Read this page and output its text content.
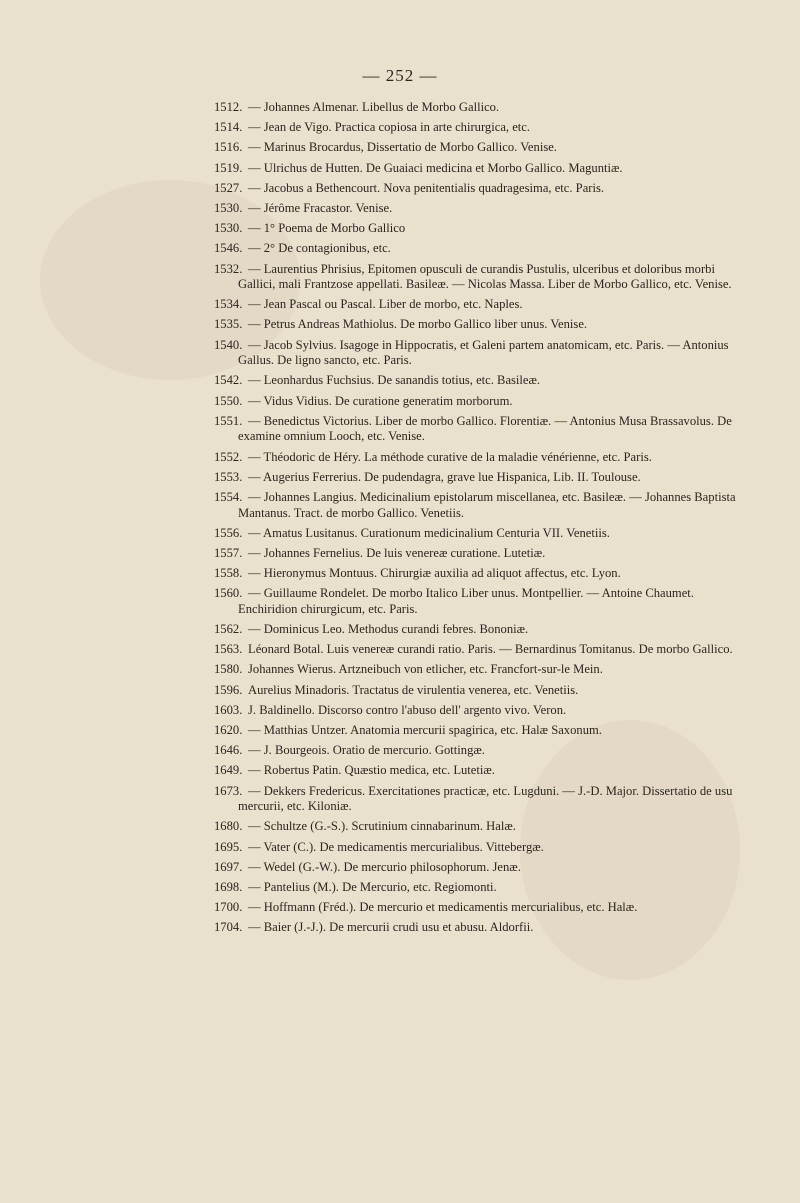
— 252 —
1512. — Johannes Almenar. Libellus de Morbo Gallico.
1514. — Jean de Vigo. Practica copiosa in arte chirurgica, etc.
1516. — Marinus Brocardus, Dissertatio de Morbo Gallico. Venise.
1519. — Ulrichus de Hutten. De Guaiaci medicina et Morbo Gallico. Maguntiæ.
1527. — Jacobus a Bethencourt. Nova penitentialis quadragesima, etc. Paris.
1530. — Jérôme Fracastor. Venise.
1530. — 1° Poema de Morbo Gallico
1546. — 2° De contagionibus, etc.
1532. — Laurentius Phrisius, Epitomen opusculi de curandis Pustulis, ulceribus et doloribus morbi Gallici, mali Frantzose appellati. Basileæ. — Nicolas Massa. Liber de Morbo Gallico, etc. Venise.
1534. — Jean Pascal ou Pascal. Liber de morbo, etc. Naples.
1535. — Petrus Andreas Mathiolus. De morbo Gallico liber unus. Venise.
1540. — Jacob Sylvius. Isagoge in Hippocratis, et Galeni partem anatomicam, etc. Paris. — Antonius Gallus. De ligno sancto, etc. Paris.
1542. — Leonhardus Fuchsius. De sanandis totius, etc. Basileæ.
1550. — Vidus Vidius. De curatione generatim morborum.
1551. — Benedictus Victorius. Liber de morbo Gallico. Florentiæ. — Antonius Musa Brassavolus. De examine omnium Looch, etc. Venise.
1552. — Théodoric de Héry. La méthode curative de la maladie vénérienne, etc. Paris.
1553. — Augerius Ferrerius. De pudendagra, grave lue Hispanica, Lib. II. Toulouse.
1554. — Johannes Langius. Medicinalium epistolarum miscellanea, etc. Basileæ. — Johannes Baptista Mantanus. Tract. de morbo Gallico. Venetiis.
1556. — Amatus Lusitanus. Curationum medicinalium Centuria VII. Venetiis.
1557. — Johannes Fernelius. De luis venereæ curatione. Lutetiæ.
1558. — Hieronymus Montuus. Chirurgiæ auxilia ad aliquot affectus, etc. Lyon.
1560. — Guillaume Rondelet. De morbo Italico Liber unus. Montpellier. — Antoine Chaumet. Enchiridion chirurgicum, etc. Paris.
1562. — Dominicus Leo. Methodus curandi febres. Bononiæ.
1563. Léonard Botal. Luis venereæ curandi ratio. Paris. — Bernardinus Tomitanus. De morbo Gallico.
1580. Johannes Wierus. Artzneibuch von etlicher, etc. Francfort-sur-le Mein.
1596. Aurelius Minadoris. Tractatus de virulentia venerea, etc. Venetiis.
1603. J. Baldinello. Discorso contro l'abuso dell' argento vivo. Veron.
1620. — Matthias Untzer. Anatomia mercurii spagirica, etc. Halæ Saxonum.
1646. — J. Bourgeois. Oratio de mercurio. Gottingæ.
1649. — Robertus Patin. Quæstio medica, etc. Lutetiæ.
1673. — Dekkers Fredericus. Exercitationes practicæ, etc. Lugduni. — J.-D. Major. Dissertatio de usu mercurii, etc. Kiloniæ.
1680. — Schultze (G.-S.). Scrutinium cinnabarinum. Halæ.
1695. — Vater (C.). De medicamentis mercurialibus. Vittebergæ.
1697. — Wedel (G.-W.). De mercurio philosophorum. Jenæ.
1698. — Pantelius (M.). De Mercurio, etc. Regiomonti.
1700. — Hoffmann (Fréd.). De mercurio et medicamentis mercurialibus, etc. Halæ.
1704. — Baier (J.-J.). De mercurii crudi usu et abusu. Aldorfii.
